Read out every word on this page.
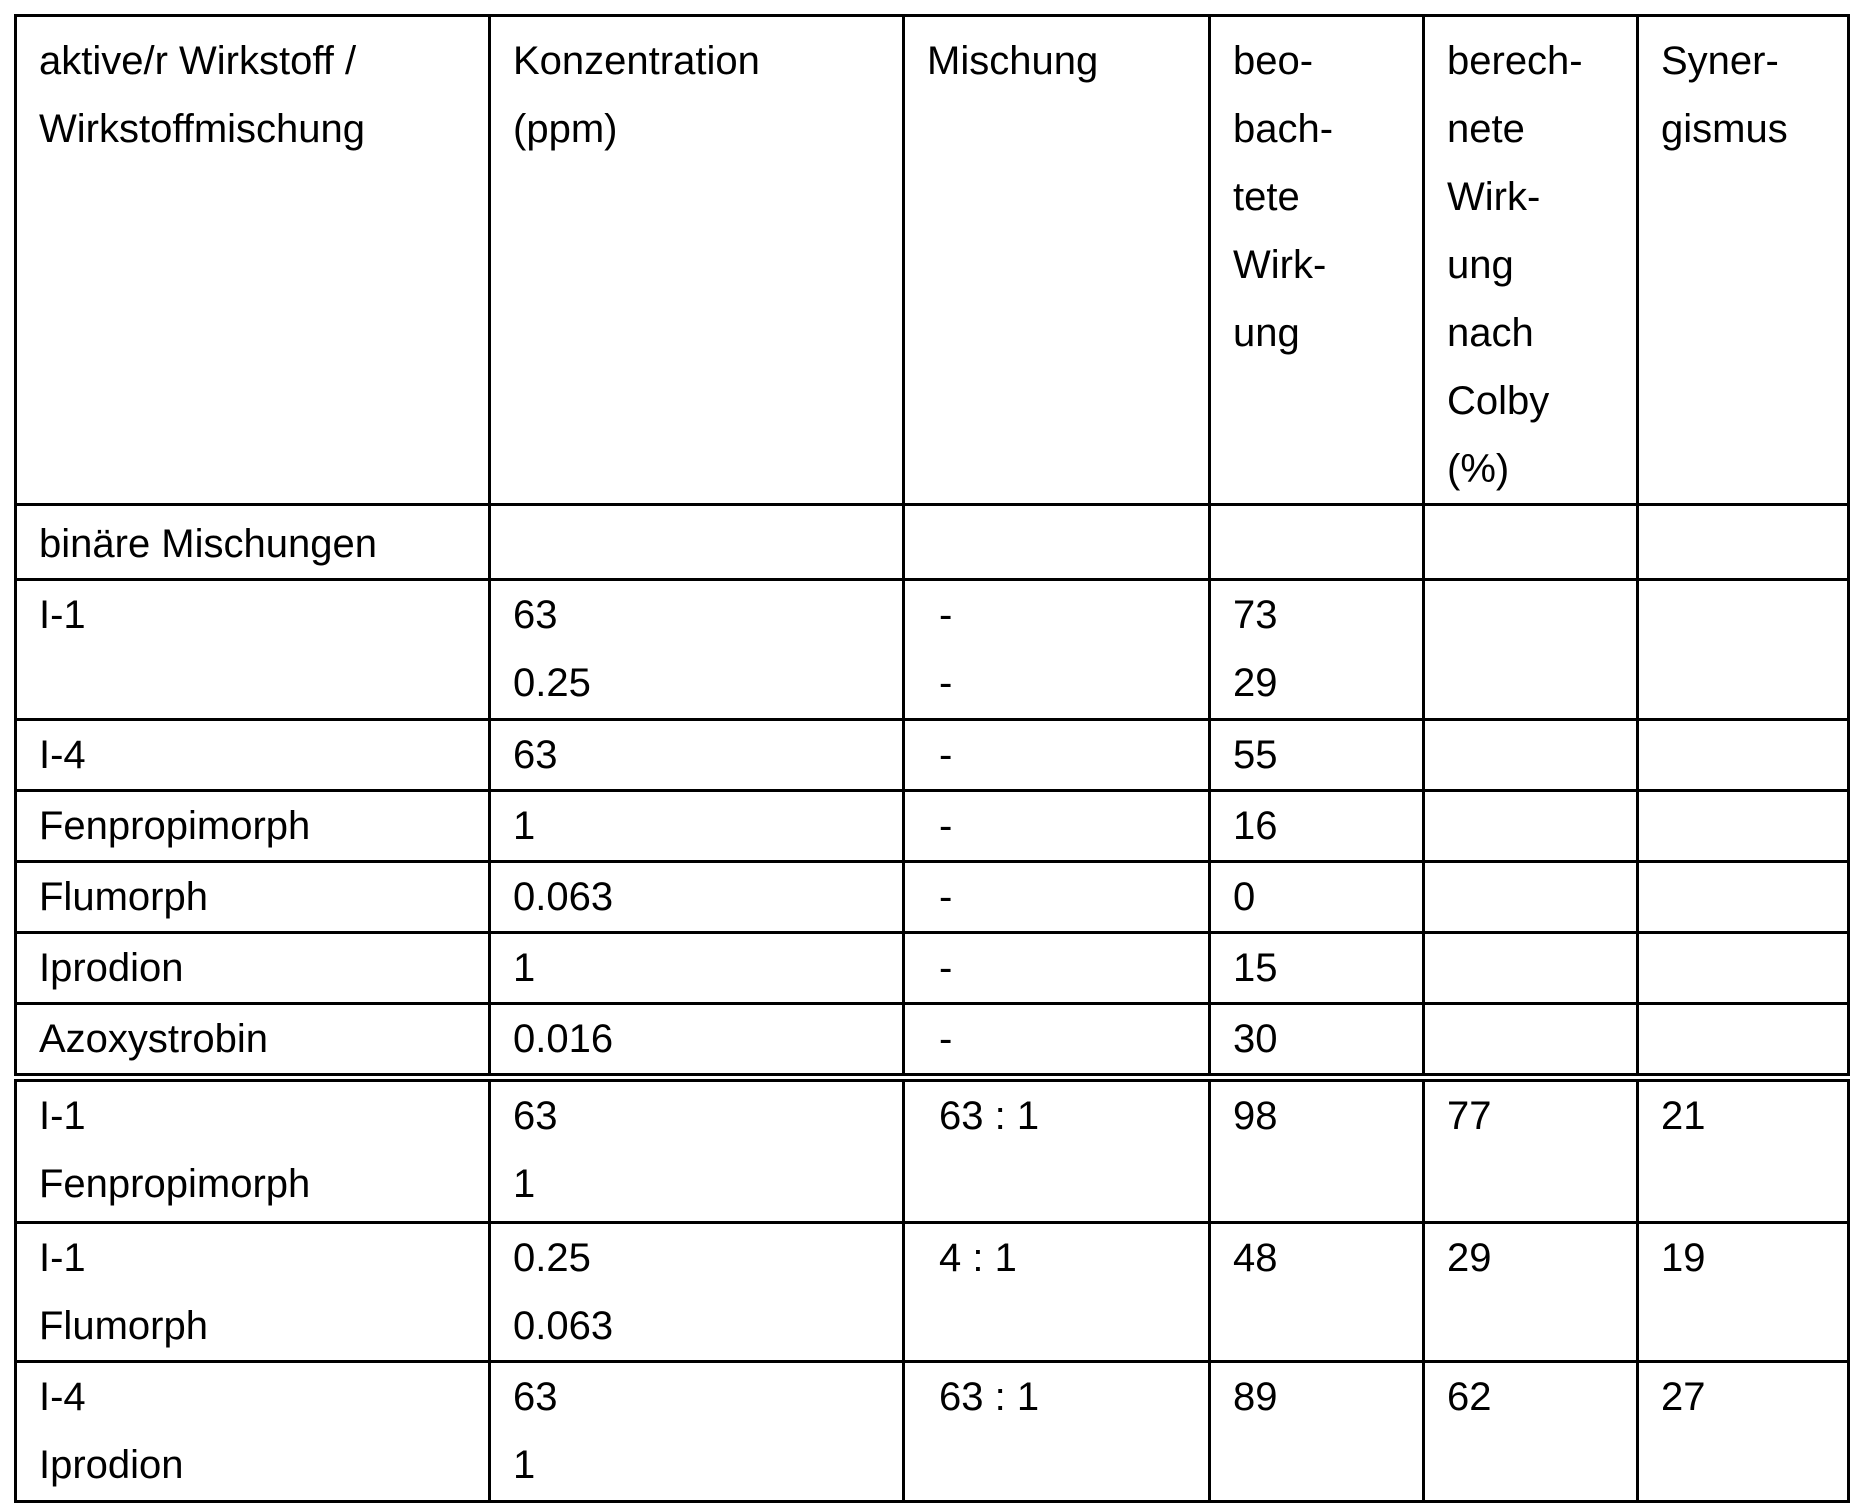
aktive/r Wirkstoff /
Wirkstoffmischung	Konzentration
(ppm)	Mischung	beo-
bach-
tete
Wirk-
ung	berech-
nete
Wirk-
ung
nach
Colby
(%)	Syner-
gismus
binäre Mischungen					
I-1	63
0.25	-
-	73
29		
I-4	63	-	55		
Fenpropimorph	1	-	16		
Flumorph	0.063	-	0		
Iprodion	1	-	15		
Azoxystrobin	0.016	-	30		
I-1
Fenpropimorph	63
1	63 : 1	98	77	21
I-1
Flumorph	0.25
0.063	4 : 1	48	29	19
I-4
Iprodion	63
1	63 : 1	89	62	27
